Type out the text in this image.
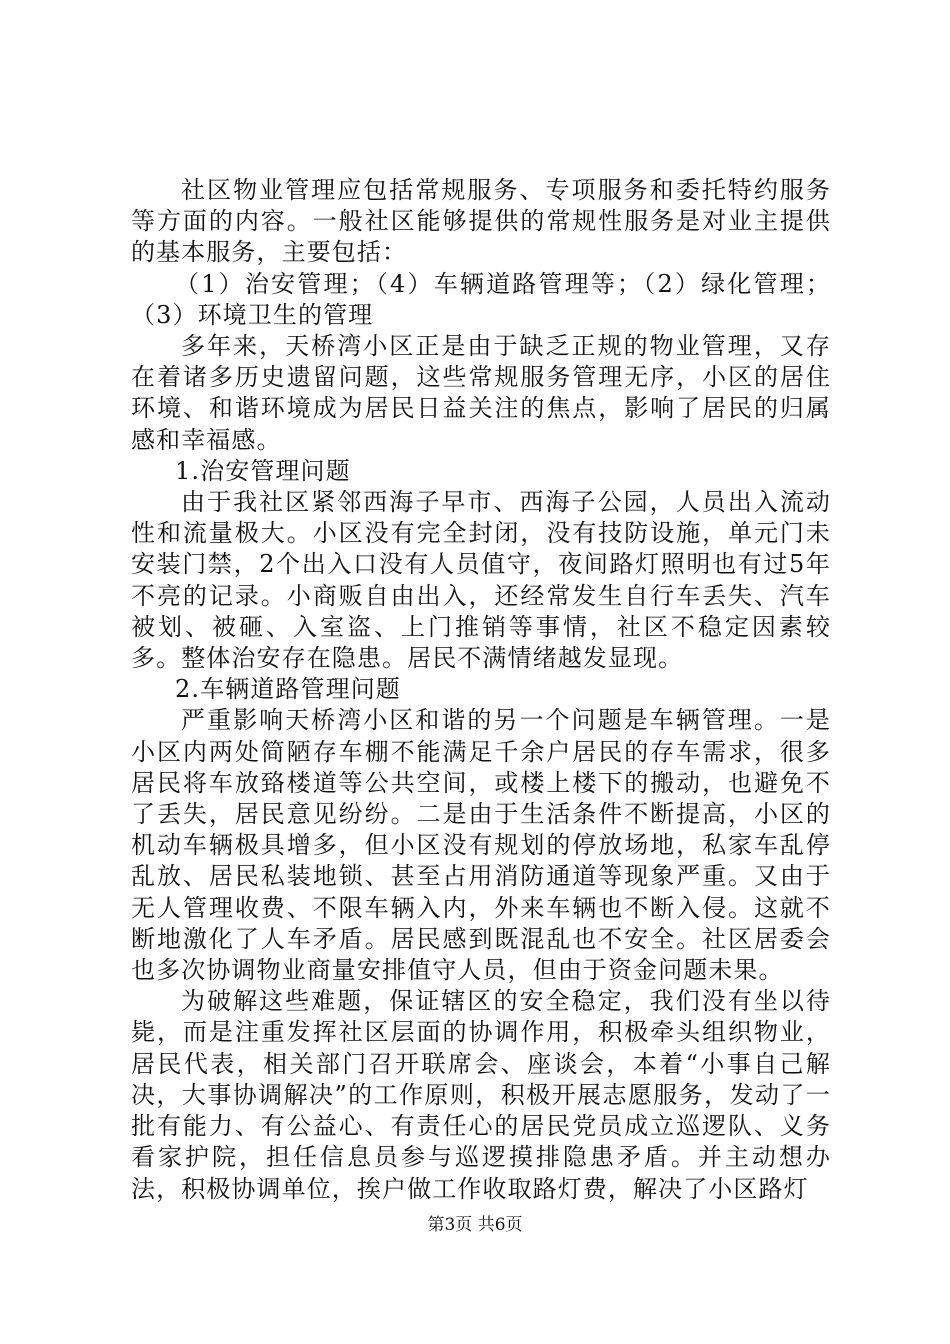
社区物业管理应包括常规服务、专项服务和委托特约服务等方面的内容。一般社区能够提供的常规性服务是对业主提供的基本服务，主要包括：

（1）治安管理；（4）车辆道路管理等；（2）绿化管理；（3）环境卫生的管理

多年来，天桥湾小区正是由于缺乏正规的物业管理，又存在着诸多历史遗留问题，这些常规服务管理无序，小区的居住环境、和谐环境成为居民日益关注的焦点，影响了居民的归属感和幸福感。

1.治安管理问题

由于我社区紧邻西海子早市、西海子公园，人员出入流动性和流量极大。小区没有完全封闭，没有技防设施，单元门未安装门禁，2个出入口没有人员值守，夜间路灯照明也有过5年不亮的记录。小商贩自由出入，还经常发生自行车丢失、汽车被划、被砸、入室盗、上门推销等事情，社区不稳定因素较多。整体治安存在隐患。居民不满情绪越发显现。

2.车辆道路管理问题

严重影响天桥湾小区和谐的另一个问题是车辆管理。一是小区内两处简陋存车棚不能满足千余户居民的存车需求，很多居民将车放臵楼道等公共空间，或楼上楼下的搬动，也避免不了丢失，居民意见纷纷。二是由于生活条件不断提高，小区的机动车辆极具增多，但小区没有规划的停放场地，私家车乱停乱放、居民私装地锁、甚至占用消防通道等现象严重。又由于无人管理收费、不限车辆入内，外来车辆也不断入侵。这就不断地激化了人车矛盾。居民感到既混乱也不安全。社区居委会也多次协调物业商量安排值守人员，但由于资金问题未果。

为破解这些难题，保证辖区的安全稳定，我们没有坐以待毙，而是注重发挥社区层面的协调作用，积极牵头组织物业，居民代表，相关部门召开联席会、座谈会，本着“小事自己解决，大事协调解决”的工作原则，积极开展志愿服务，发动了一批有能力、有公益心、有责任心的居民党员成立巡逻队、义务看家护院，担任信息员参与巡逻摸排隐患矛盾。并主动想办法，积极协调单位，挨户做工作收取路灯费，解决了小区路灯

第3页 共6页
